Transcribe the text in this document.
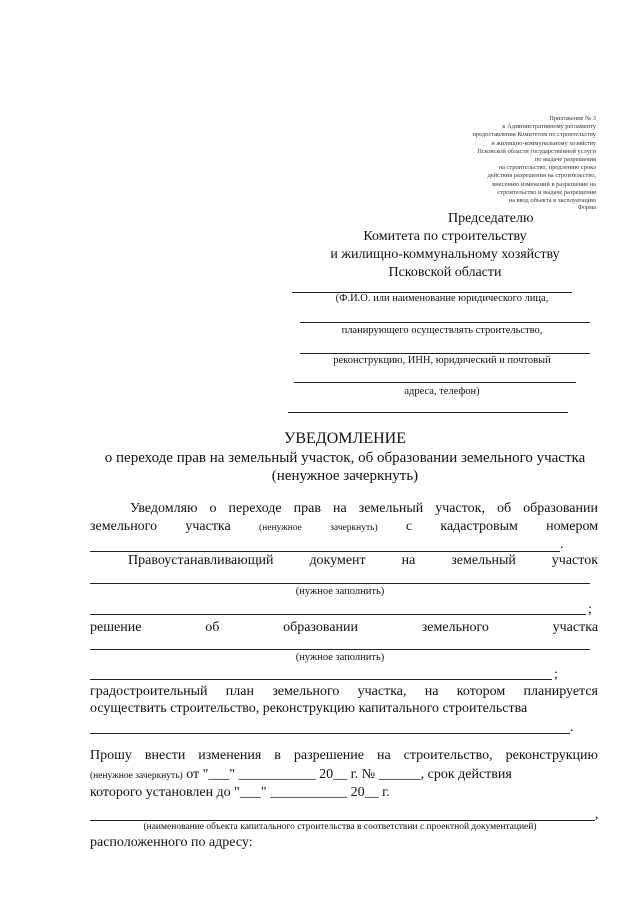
Приложение № 3
к Административному регламенту
предоставления Комитетом по строительству
и жилищно-коммунальному хозяйству
Псковской области государственной услуги
по выдаче разрешения
на строительство, продлению срока
действия разрешения на строительство,
внесению изменений в разрешение на
строительство и выдаче разрешения
на ввод объекта в эксплуатацию
Форма
Председателю
Комитета по строительству
и жилищно-коммунальному хозяйству
Псковской области
(Ф.И.О. или наименование юридического лица,
планирующего осуществлять строительство,
реконструкцию, ИНН, юридический и почтовый
адреса, телефон)
УВЕДОМЛЕНИЕ
о переходе прав на земельный участок, об образовании земельного участка
(ненужное зачеркнуть)
Уведомляю о переходе прав на земельный участок, об образовании
земельного участка	(ненужное	зачеркнуть) с кадастровым номером
.
Правоустанавливающий	документ	на	земельный	участок
(нужное заполнить)
;
решение	об	образовании	земельного	участка
(нужное заполнить)
;
градостроительный план земельного участка, на котором планируется
осуществить строительство, реконструкцию капитального строительства
.
Прошу внести изменения в разрешение на строительство, реконструкцию
(ненужное зачеркнуть) от "___" ___________ 20__ г. № ______, срок действия
которого установлен до "___" ___________ 20__ г.
,
(наименование объекта капитального строительства в соответствии с проектной документацией)
расположенного по адресу:
